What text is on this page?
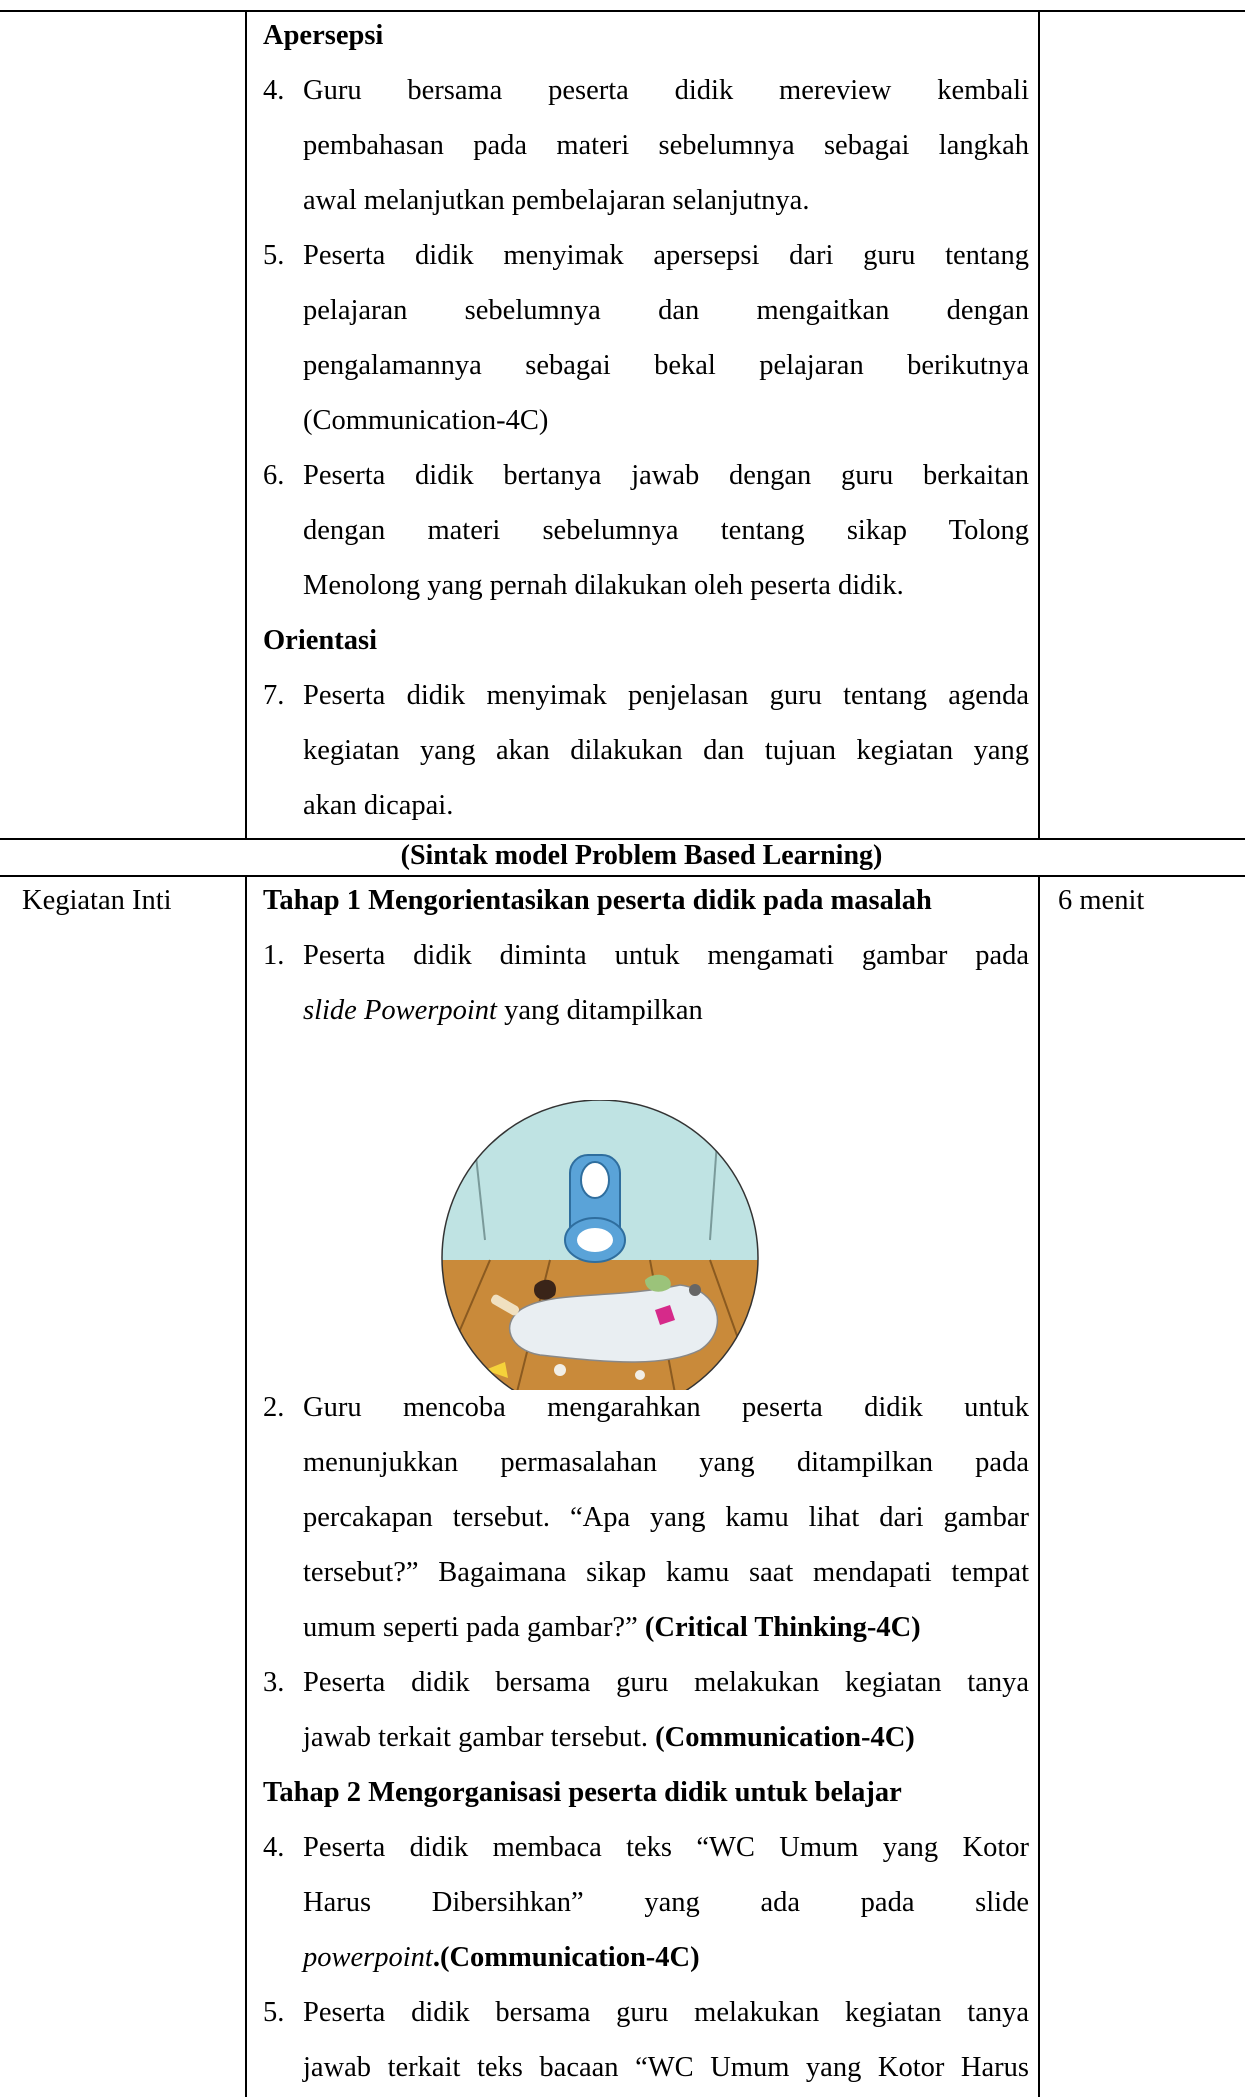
Apersepsi
4. Guru bersama peserta didik mereview kembali
pembahasan pada materi sebelumnya sebagai langkah
awal melanjutkan pembelajaran selanjutnya.
5. Peserta didik menyimak apersepsi dari guru tentang
pelajaran sebelumnya dan mengaitkan dengan
pengalamannya sebagai bekal pelajaran berikutnya
(Communication-4C)
6. Peserta didik bertanya jawab dengan guru berkaitan
dengan materi sebelumnya tentang sikap Tolong
Menolong yang pernah dilakukan oleh peserta didik.
Orientasi
7. Peserta didik menyimak penjelasan guru tentang agenda
kegiatan yang akan dilakukan dan tujuan kegiatan yang
akan dicapai.
(Sintak model Problem Based Learning)
Kegiatan Inti	6 menit
Tahap 1 Mengorientasikan peserta didik pada masalah
1. Peserta didik diminta untuk mengamati gambar pada
slide Powerpoint yang ditampilkan
2. Guru mencoba mengarahkan peserta didik untuk
menunjukkan permasalahan yang ditampilkan pada
percakapan tersebut. “Apa yang kamu lihat dari gambar
tersebut?” Bagaimana sikap kamu saat mendapati tempat
umum seperti pada gambar?” (Critical Thinking-4C)
3. Peserta didik bersama guru melakukan kegiatan tanya
jawab terkait gambar tersebut. (Communication-4C)
Tahap 2 Mengorganisasi peserta didik untuk belajar
4. Peserta didik membaca teks “WC Umum yang Kotor
Harus Dibersihkan” yang ada pada slide
powerpoint.(Communication-4C)
5. Peserta didik bersama guru melakukan kegiatan tanya
jawab terkait teks bacaan “WC Umum yang Kotor Harus
